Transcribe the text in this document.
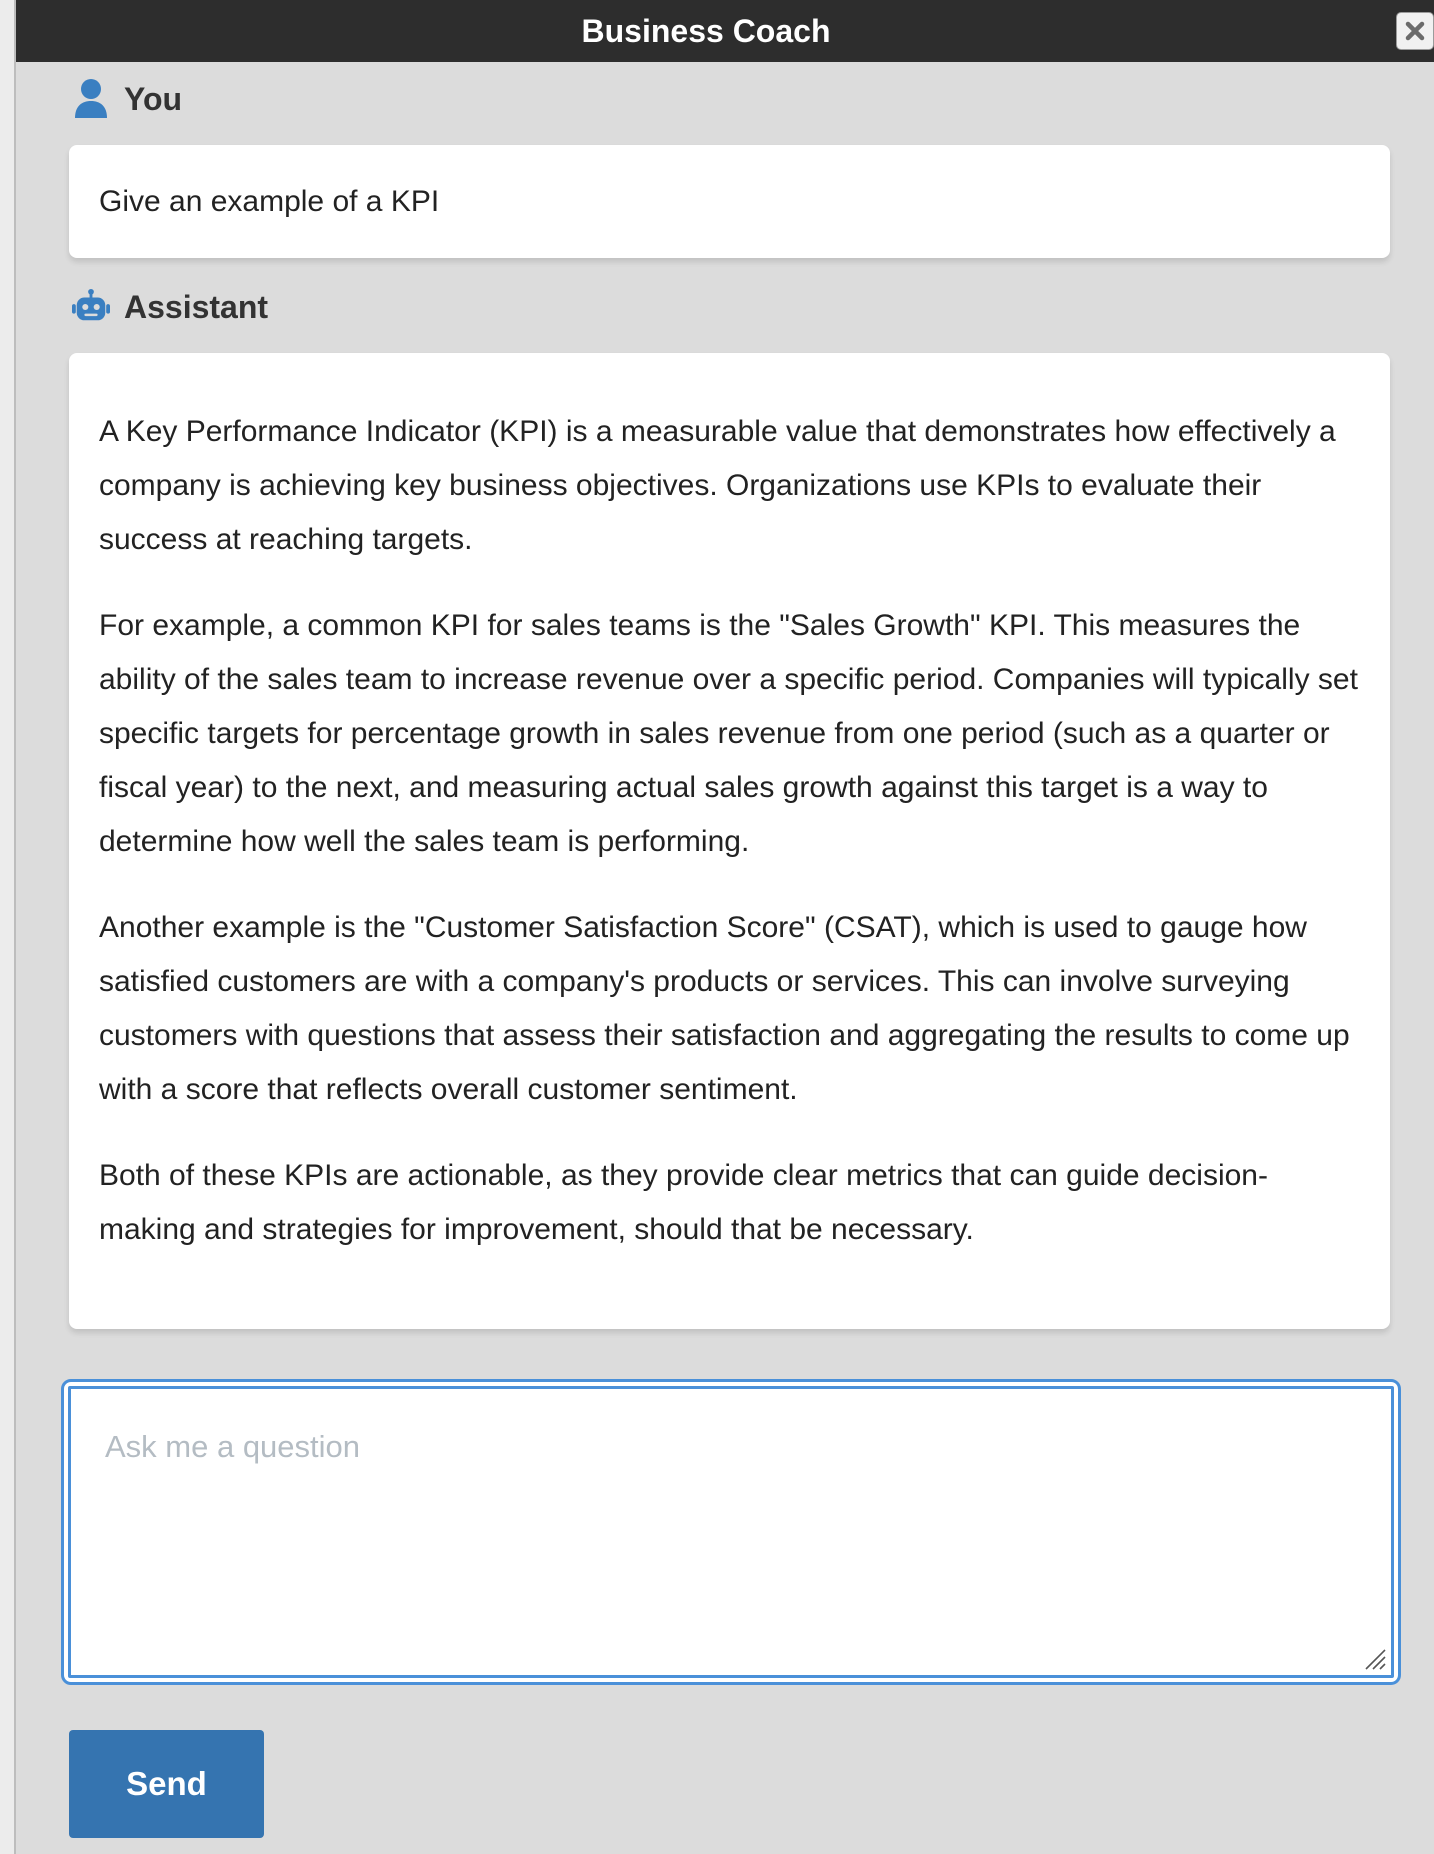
Business Coach
You
Give an example of a KPI
Assistant

A Key Performance Indicator (KPI) is a measurable value that demonstrates how effectively a company is achieving key business objectives. Organizations use KPIs to evaluate their success at reaching targets.

For example, a common KPI for sales teams is the "Sales Growth" KPI. This measures the ability of the sales team to increase revenue over a specific period. Companies will typically set specific targets for percentage growth in sales revenue from one period (such as a quarter or fiscal year) to the next, and measuring actual sales growth against this target is a way to determine how well the sales team is performing.

Another example is the "Customer Satisfaction Score" (CSAT), which is used to gauge how satisfied customers are with a company's products or services. This can involve surveying customers with questions that assess their satisfaction and aggregating the results to come up with a score that reflects overall customer sentiment.

Both of these KPIs are actionable, as they provide clear metrics that can guide decision-making and strategies for improvement, should that be necessary.

Ask me a question
Send
